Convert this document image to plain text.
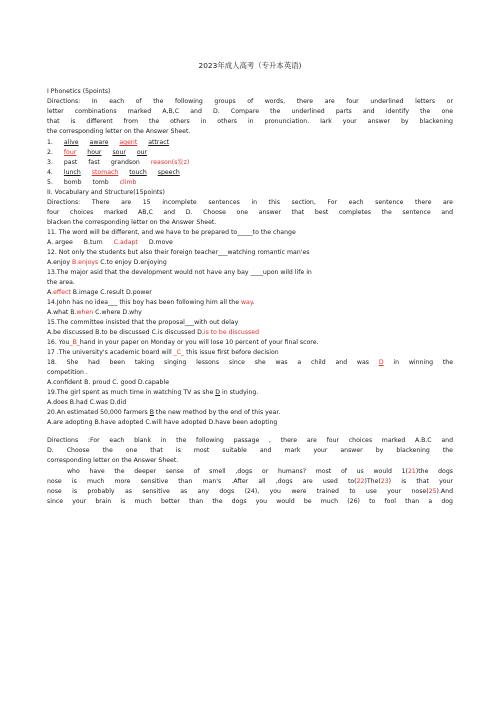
2023年成人高考（专升本英语)
I Phonetics (5points)
Directions: In each of the following groups of words, there are four underlined letters or
letter combinations marked A,B,C and D. Compare the underlined parts and identify the one
that is different from the others in others in pronunciation. Iark your answer by blackening
the corresponding letter on the Answer Sheet.
1. alive aware agent attract
2. four hour sour our
3. past fast grandson reason(s发z)
4. lunch stomach touch speech
5. bomb tomb climb
II. Vocabulary and Structure(15points)
Directions: There are 15 incomplete sentences in this section, For each sentence there are
four choices marked AB,C and D. Choose one answer that best completes the sentence and
blacken the corresponding letter on the Answer Sheet.
11. The word will be different, and we have to be prepared to_____to the change
A. argee B.turn C.adapt D.move
12. Not only the students but also their foreign teacher___watching romantic man'es
A.enjoy B.enjoys C.to enjoy D.enjoying
13.The major asid that the development would not have any bay ____upon wild life in
the area.
A.effect B.image C.result D.power
14.John has no idea___ this boy has been following him all the way.
A.what B.when C.where D.why
15.The committee insisted that the proposal___with out delay
A.be discussed B.to be discussed C.is discussed D.is to be discussed
16. You_B_hand in your paper on Monday or you will lose 10 percent of your final score.
17 .The university's academic board will _C_ this issue first before decision
18. She had been taking singing lessons since she was a child and was D in winning the
competition .
A.confident B. proud C. good D.capable
19.The girl spent as much time in watching TV as she D in studying.
A.does B.had C.was D.did
20.An estimated 50,000 farmers B the new method by the end of this year.
A.are adopting B.have adopted C.will have adopted D.have been adopting
Directions :For each blank in the following passage , there are four choices marked A.B.C and
D. Choose the one that is most suitable and mark your answer by blackening the
corresponding letter on the Answer Sheet.
who have the deeper sense of smell ,dogs or humans? most of us would 1(21)the dogs
nose is much more sensitive than man's .After all ,dogs are used to(22)The(23) is that your
nose is probably as sensitive as any dogs (24), you were trained to use your nose(25).And
since your brain is much better than the dogs you would be much (26) to fool than a dog
